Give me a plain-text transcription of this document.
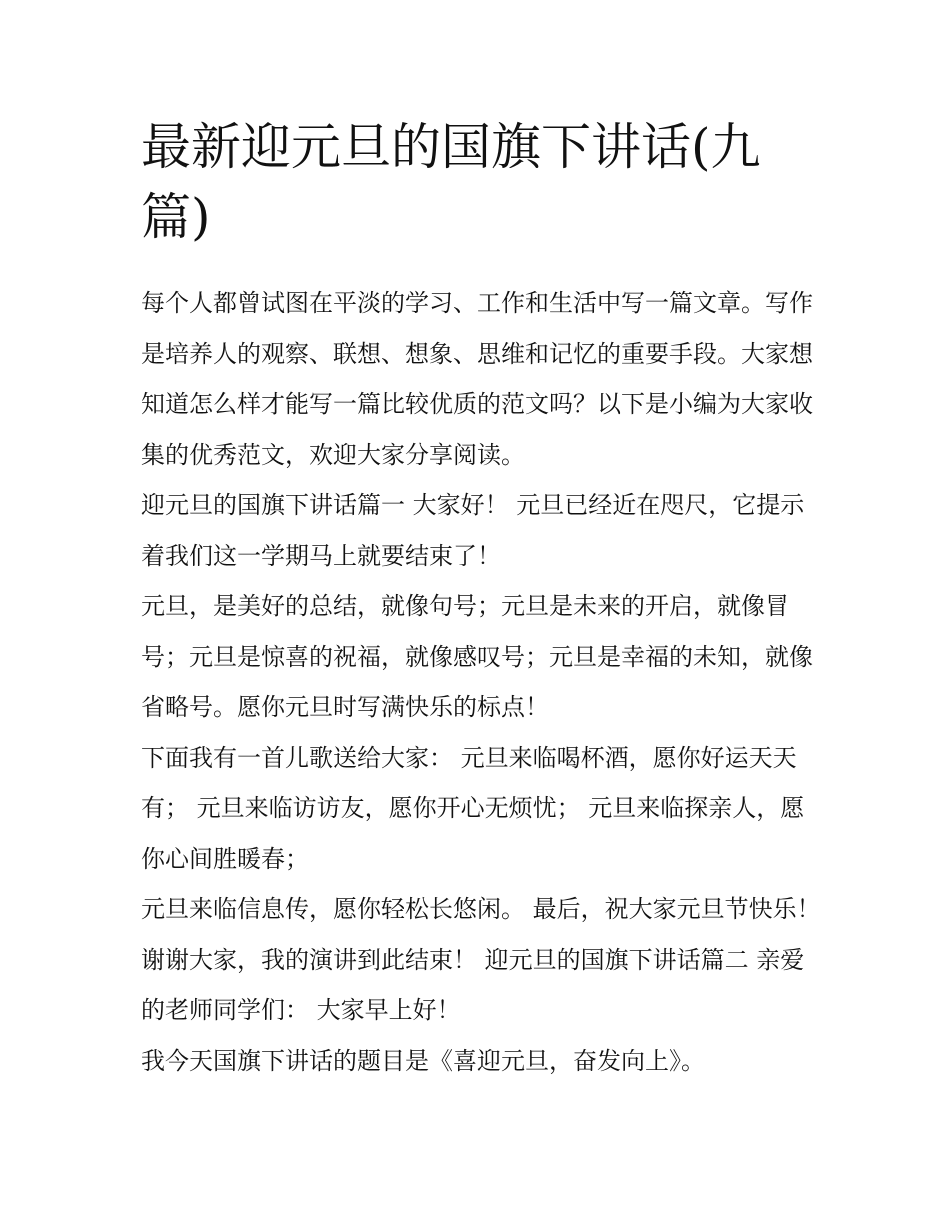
最新迎元旦的国旗下讲话(九篇)

每个人都曾试图在平淡的学习、工作和生活中写一篇文章。写作是培养人的观察、联想、想象、思维和记忆的重要手段。大家想知道怎么样才能写一篇比较优质的范文吗？以下是小编为大家收集的优秀范文，欢迎大家分享阅读。

迎元旦的国旗下讲话篇一 大家好！ 元旦已经近在咫尺，它提示着我们这一学期马上就要结束了！

元旦，是美好的总结，就像句号；元旦是未来的开启，就像冒号；元旦是惊喜的祝福，就像感叹号；元旦是幸福的未知，就像省略号。愿你元旦时写满快乐的标点！

下面我有一首儿歌送给大家： 元旦来临喝杯酒，愿你好运天天有； 元旦来临访访友，愿你开心无烦忧； 元旦来临探亲人，愿你心间胜暖春；

元旦来临信息传，愿你轻松长悠闲。 最后，祝大家元旦节快乐！ 谢谢大家，我的演讲到此结束！ 迎元旦的国旗下讲话篇二 亲爱的老师同学们： 大家早上好！

我今天国旗下讲话的题目是《喜迎元旦，奋发向上》。
